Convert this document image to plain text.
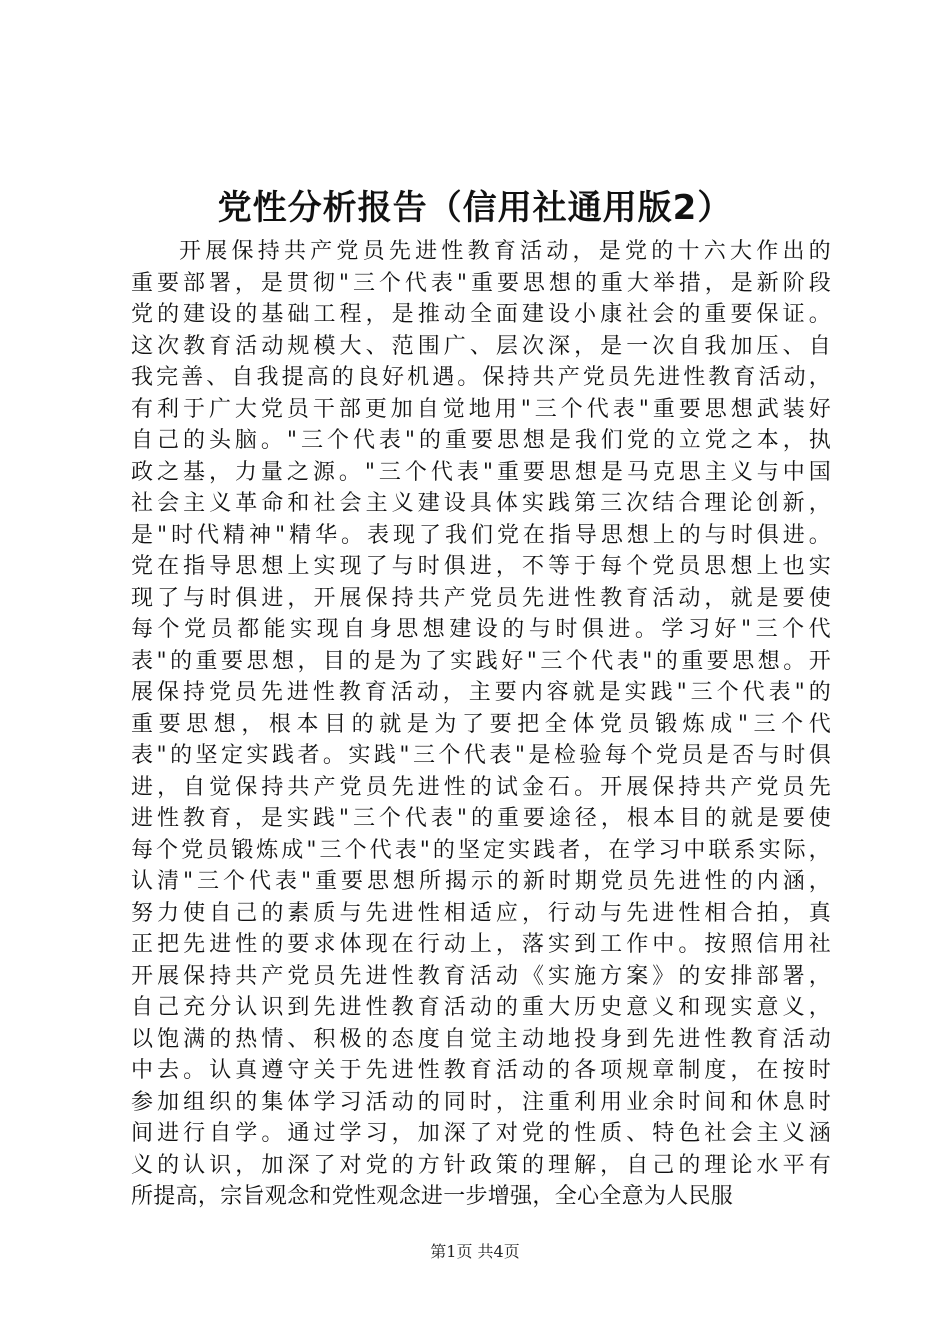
党性分析报告（信用社通用版2）
开展保持共产党员先进性教育活动，是党的十六大作出的
重要部署，是贯彻"三个代表"重要思想的重大举措，是新阶段
党的建设的基础工程，是推动全面建设小康社会的重要保证。
这次教育活动规模大、范围广、层次深，是一次自我加压、自
我完善、自我提高的良好机遇。保持共产党员先进性教育活动，
有利于广大党员干部更加自觉地用"三个代表"重要思想武装好
自己的头脑。"三个代表"的重要思想是我们党的立党之本，执
政之基，力量之源。"三个代表"重要思想是马克思主义与中国
社会主义革命和社会主义建设具体实践第三次结合理论创新，
是"时代精神"精华。表现了我们党在指导思想上的与时俱进。
党在指导思想上实现了与时俱进，不等于每个党员思想上也实
现了与时俱进，开展保持共产党员先进性教育活动，就是要使
每个党员都能实现自身思想建设的与时俱进。学习好"三个代
表"的重要思想，目的是为了实践好"三个代表"的重要思想。开
展保持党员先进性教育活动，主要内容就是实践"三个代表"的
重要思想，根本目的就是为了要把全体党员锻炼成"三个代
表"的坚定实践者。实践"三个代表"是检验每个党员是否与时俱
进，自觉保持共产党员先进性的试金石。开展保持共产党员先
进性教育，是实践"三个代表"的重要途径，根本目的就是要使
每个党员锻炼成"三个代表"的坚定实践者，在学习中联系实际，
认清"三个代表"重要思想所揭示的新时期党员先进性的内涵，
努力使自己的素质与先进性相适应，行动与先进性相合拍，真
正把先进性的要求体现在行动上，落实到工作中。按照信用社
开展保持共产党员先进性教育活动《实施方案》的安排部署，
自己充分认识到先进性教育活动的重大历史意义和现实意义，
以饱满的热情、积极的态度自觉主动地投身到先进性教育活动
中去。认真遵守关于先进性教育活动的各项规章制度，在按时
参加组织的集体学习活动的同时，注重利用业余时间和休息时
间进行自学。通过学习，加深了对党的性质、特色社会主义涵
义的认识，加深了对党的方针政策的理解，自己的理论水平有
所提高，宗旨观念和党性观念进一步增强，全心全意为人民服
第1页 共4页
